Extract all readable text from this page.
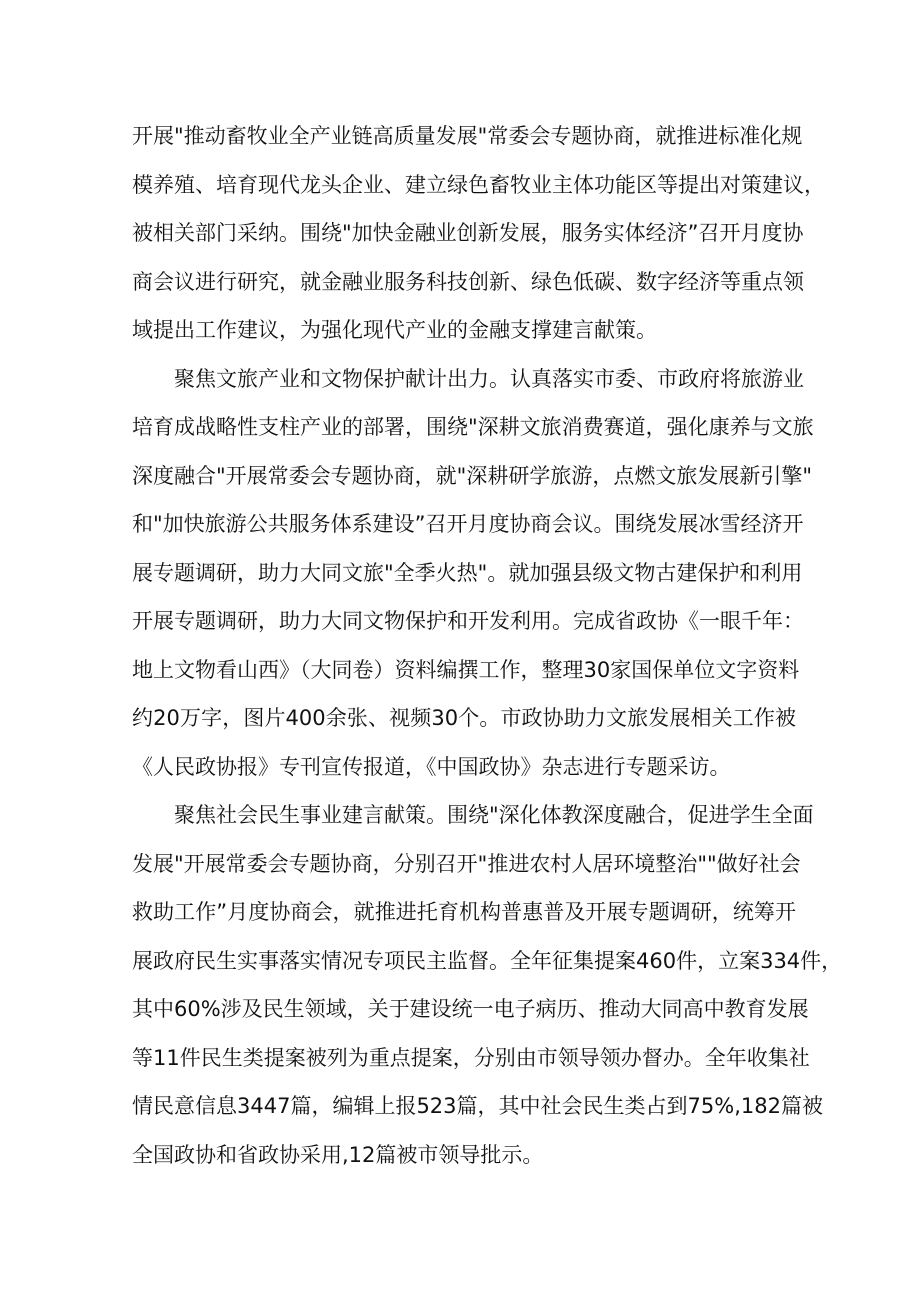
开展"推动畜牧业全产业链高质量发展"常委会专题协商，就推进标准化规
模养殖、培育现代龙头企业、建立绿色畜牧业主体功能区等提出对策建议，
被相关部门采纳。围绕"加快金融业创新发展，服务实体经济”召开月度协
商会议进行研究，就金融业服务科技创新、绿色低碳、数字经济等重点领
域提出工作建议，为强化现代产业的金融支撑建言献策。
聚焦文旅产业和文物保护献计出力。认真落实市委、市政府将旅游业
培育成战略性支柱产业的部署，围绕"深耕文旅消费赛道，强化康养与文旅
深度融合"开展常委会专题协商，就"深耕研学旅游，点燃文旅发展新引擎"
和"加快旅游公共服务体系建设”召开月度协商会议。围绕发展冰雪经济开
展专题调研，助力大同文旅"全季火热"。就加强县级文物古建保护和利用
开展专题调研，助力大同文物保护和开发利用。完成省政协《一眼千年：
地上文物看山西》（大同卷）资料编撰工作，整理30家国保单位文字资料
约20万字，图片400余张、视频30个。市政协助力文旅发展相关工作被
《人民政协报》专刊宣传报道，《中国政协》杂志进行专题采访。
聚焦社会民生事业建言献策。围绕"深化体教深度融合，促进学生全面
发展"开展常委会专题协商，分别召开"推进农村人居环境整治""做好社会
救助工作”月度协商会，就推进托育机构普惠普及开展专题调研，统筹开
展政府民生实事落实情况专项民主监督。全年征集提案460件，立案334件，
其中60%涉及民生领域，关于建设统一电子病历、推动大同高中教育发展
等11件民生类提案被列为重点提案，分别由市领导领办督办。全年收集社
情民意信息3447篇，编辑上报523篇，其中社会民生类占到75%,182篇被
全国政协和省政协采用,12篇被市领导批示。
